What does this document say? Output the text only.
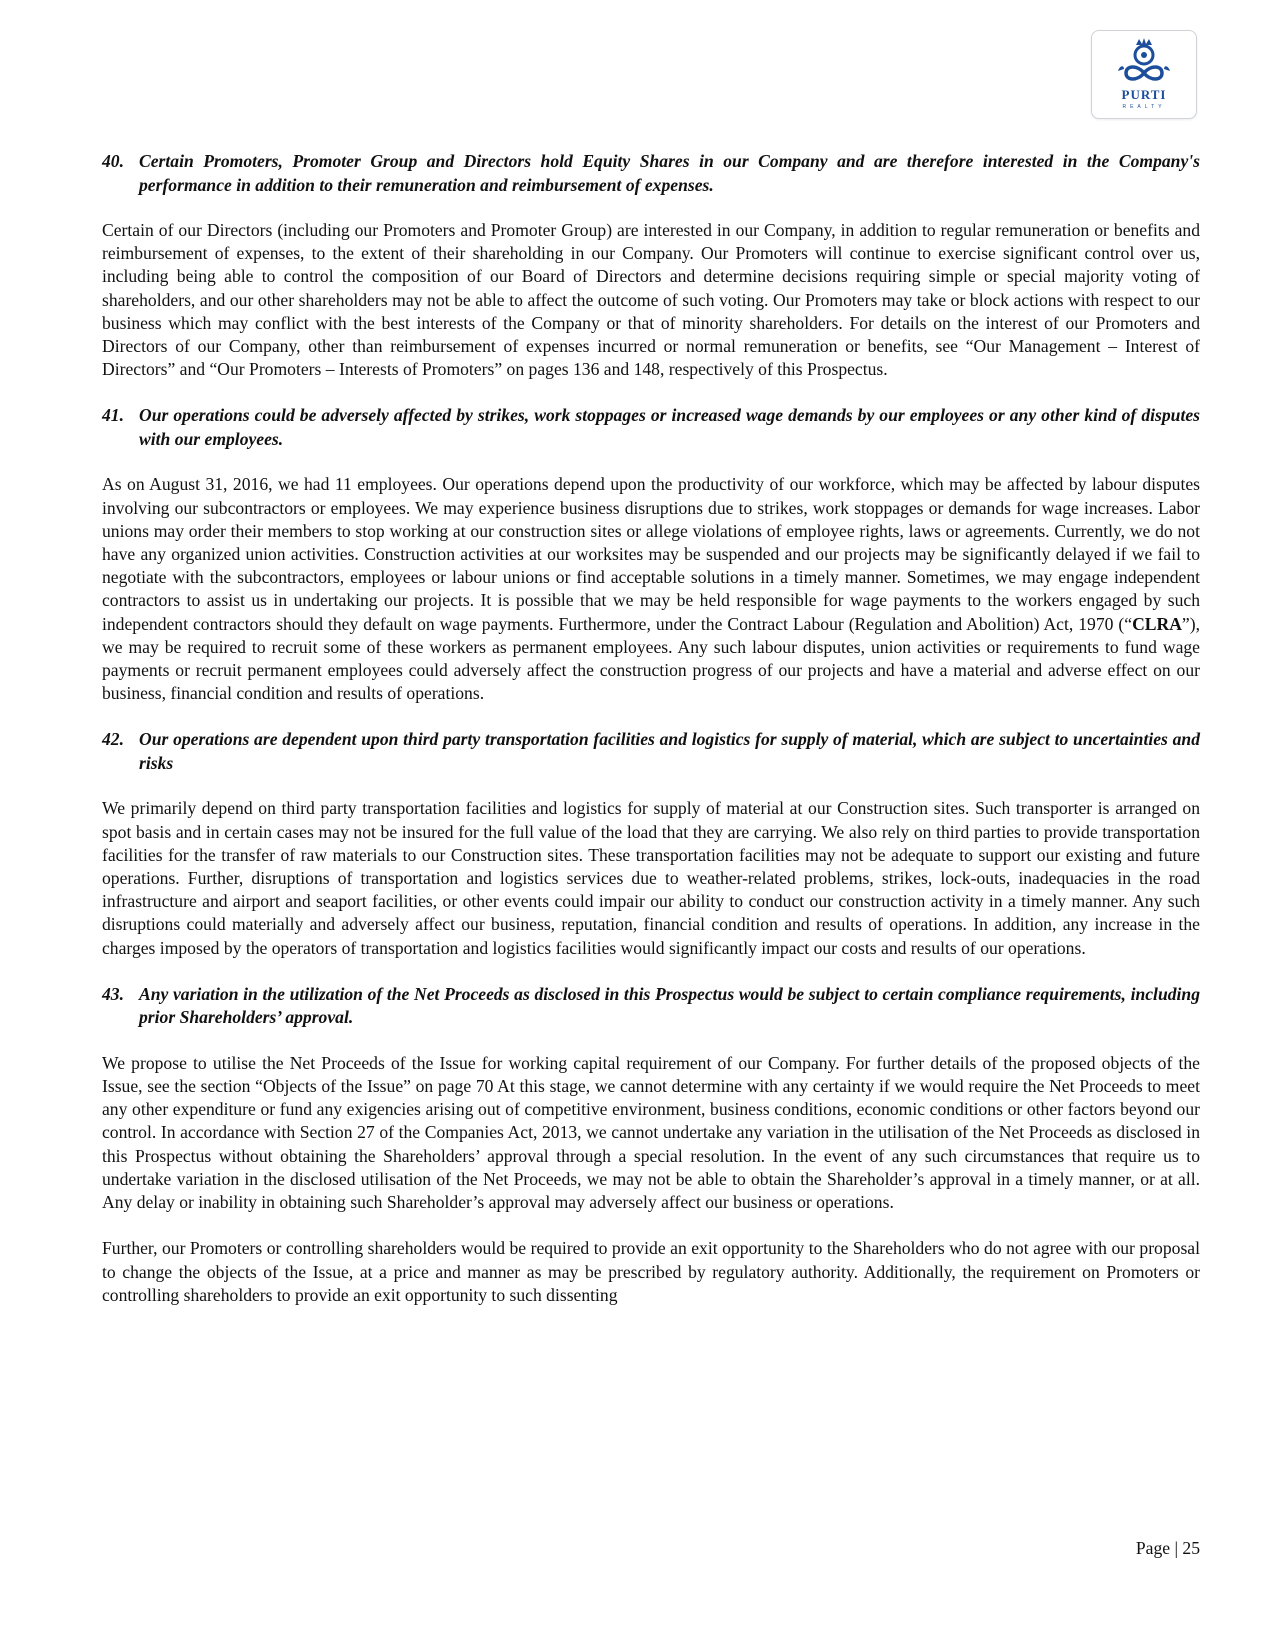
PURTI
REALTY
40. Certain Promoters, Promoter Group and Directors hold Equity Shares in our Company and are therefore interested in the Company's performance in addition to their remuneration and reimbursement of expenses.

Certain of our Directors (including our Promoters and Promoter Group) are interested in our Company, in addition to regular remuneration or benefits and reimbursement of expenses, to the extent of their shareholding in our Company. Our Promoters will continue to exercise significant control over us, including being able to control the composition of our Board of Directors and determine decisions requiring simple or special majority voting of shareholders, and our other shareholders may not be able to affect the outcome of such voting. Our Promoters may take or block actions with respect to our business which may conflict with the best interests of the Company or that of minority shareholders. For details on the interest of our Promoters and Directors of our Company, other than reimbursement of expenses incurred or normal remuneration or benefits, see “Our Management – Interest of Directors” and “Our Promoters – Interests of Promoters” on pages 136 and 148, respectively of this Prospectus.

41. Our operations could be adversely affected by strikes, work stoppages or increased wage demands by our employees or any other kind of disputes with our employees.

As on August 31, 2016, we had 11 employees. Our operations depend upon the productivity of our workforce, which may be affected by labour disputes involving our subcontractors or employees. We may experience business disruptions due to strikes, work stoppages or demands for wage increases. Labor unions may order their members to stop working at our construction sites or allege violations of employee rights, laws or agreements. Currently, we do not have any organized union activities. Construction activities at our worksites may be suspended and our projects may be significantly delayed if we fail to negotiate with the subcontractors, employees or labour unions or find acceptable solutions in a timely manner. Sometimes, we may engage independent contractors to assist us in undertaking our projects. It is possible that we may be held responsible for wage payments to the workers engaged by such independent contractors should they default on wage payments. Furthermore, under the Contract Labour (Regulation and Abolition) Act, 1970 (“CLRA”), we may be required to recruit some of these workers as permanent employees. Any such labour disputes, union activities or requirements to fund wage payments or recruit permanent employees could adversely affect the construction progress of our projects and have a material and adverse effect on our business, financial condition and results of operations.

42. Our operations are dependent upon third party transportation facilities and logistics for supply of material, which are subject to uncertainties and risks

We primarily depend on third party transportation facilities and logistics for supply of material at our Construction sites. Such transporter is arranged on spot basis and in certain cases may not be insured for the full value of the load that they are carrying. We also rely on third parties to provide transportation facilities for the transfer of raw materials to our Construction sites. These transportation facilities may not be adequate to support our existing and future operations. Further, disruptions of transportation and logistics services due to weather-related problems, strikes, lock-outs, inadequacies in the road infrastructure and airport and seaport facilities, or other events could impair our ability to conduct our construction activity in a timely manner. Any such disruptions could materially and adversely affect our business, reputation, financial condition and results of operations. In addition, any increase in the charges imposed by the operators of transportation and logistics facilities would significantly impact our costs and results of our operations.

43. Any variation in the utilization of the Net Proceeds as disclosed in this Prospectus would be subject to certain compliance requirements, including prior Shareholders’ approval.

We propose to utilise the Net Proceeds of the Issue for working capital requirement of our Company. For further details of the proposed objects of the Issue, see the section “Objects of the Issue” on page 70 At this stage, we cannot determine with any certainty if we would require the Net Proceeds to meet any other expenditure or fund any exigencies arising out of competitive environment, business conditions, economic conditions or other factors beyond our control. In accordance with Section 27 of the Companies Act, 2013, we cannot undertake any variation in the utilisation of the Net Proceeds as disclosed in this Prospectus without obtaining the Shareholders’ approval through a special resolution. In the event of any such circumstances that require us to undertake variation in the disclosed utilisation of the Net Proceeds, we may not be able to obtain the Shareholder’s approval in a timely manner, or at all. Any delay or inability in obtaining such Shareholder’s approval may adversely affect our business or operations.

Further, our Promoters or controlling shareholders would be required to provide an exit opportunity to the Shareholders who do not agree with our proposal to change the objects of the Issue, at a price and manner as may be prescribed by regulatory authority. Additionally, the requirement on Promoters or controlling shareholders to provide an exit opportunity to such dissenting

Page | 25
